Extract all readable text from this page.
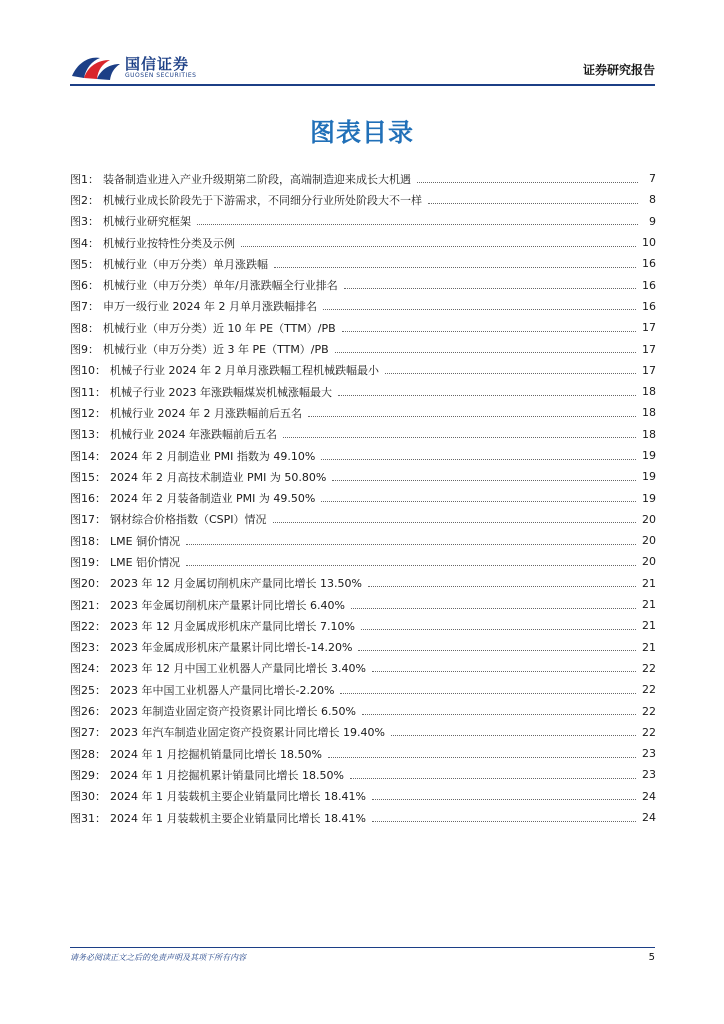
国信证券
GUOSEN SECURITIES	证券研究报告
图表目录
图1： 装备制造业进入产业升级期第二阶段，高端制造迎来成长大机遇	7
图2： 机械行业成长阶段先于下游需求，不同细分行业所处阶段大不一样	8
图3： 机械行业研究框架	9
图4： 机械行业按特性分类及示例	10
图5： 机械行业（申万分类）单月涨跌幅	16
图6： 机械行业（申万分类）单年/月涨跌幅全行业排名	16
图7： 申万一级行业 2024 年 2 月单月涨跌幅排名	16
图8： 机械行业（申万分类）近 10 年 PE（TTM）/PB	17
图9： 机械行业（申万分类）近 3 年 PE（TTM）/PB	17
图10： 机械子行业 2024 年 2 月单月涨跌幅工程机械跌幅最小	17
图11： 机械子行业 2023 年涨跌幅煤炭机械涨幅最大	18
图12： 机械行业 2024 年 2 月涨跌幅前后五名	18
图13： 机械行业 2024 年涨跌幅前后五名	18
图14： 2024 年 2 月制造业 PMI 指数为 49.10%	19
图15： 2024 年 2 月高技术制造业 PMI 为 50.80%	19
图16： 2024 年 2 月装备制造业 PMI 为 49.50%	19
图17： 钢材综合价格指数（CSPI）情况	20
图18： LME 铜价情况	20
图19： LME 铝价情况	20
图20： 2023 年 12 月金属切削机床产量同比增长 13.50%	21
图21： 2023 年金属切削机床产量累计同比增长 6.40%	21
图22： 2023 年 12 月金属成形机床产量同比增长 7.10%	21
图23： 2023 年金属成形机床产量累计同比增长-14.20%	21
图24： 2023 年 12 月中国工业机器人产量同比增长 3.40%	22
图25： 2023 年中国工业机器人产量同比增长-2.20%	22
图26： 2023 年制造业固定资产投资累计同比增长 6.50%	22
图27： 2023 年汽车制造业固定资产投资累计同比增长 19.40%	22
图28： 2024 年 1 月挖掘机销量同比增长 18.50%	23
图29： 2024 年 1 月挖掘机累计销量同比增长 18.50%	23
图30： 2024 年 1 月装载机主要企业销量同比增长 18.41%	24
图31： 2024 年 1 月装载机主要企业销量同比增长 18.41%	24
请务必阅读正文之后的免责声明及其项下所有内容	5
